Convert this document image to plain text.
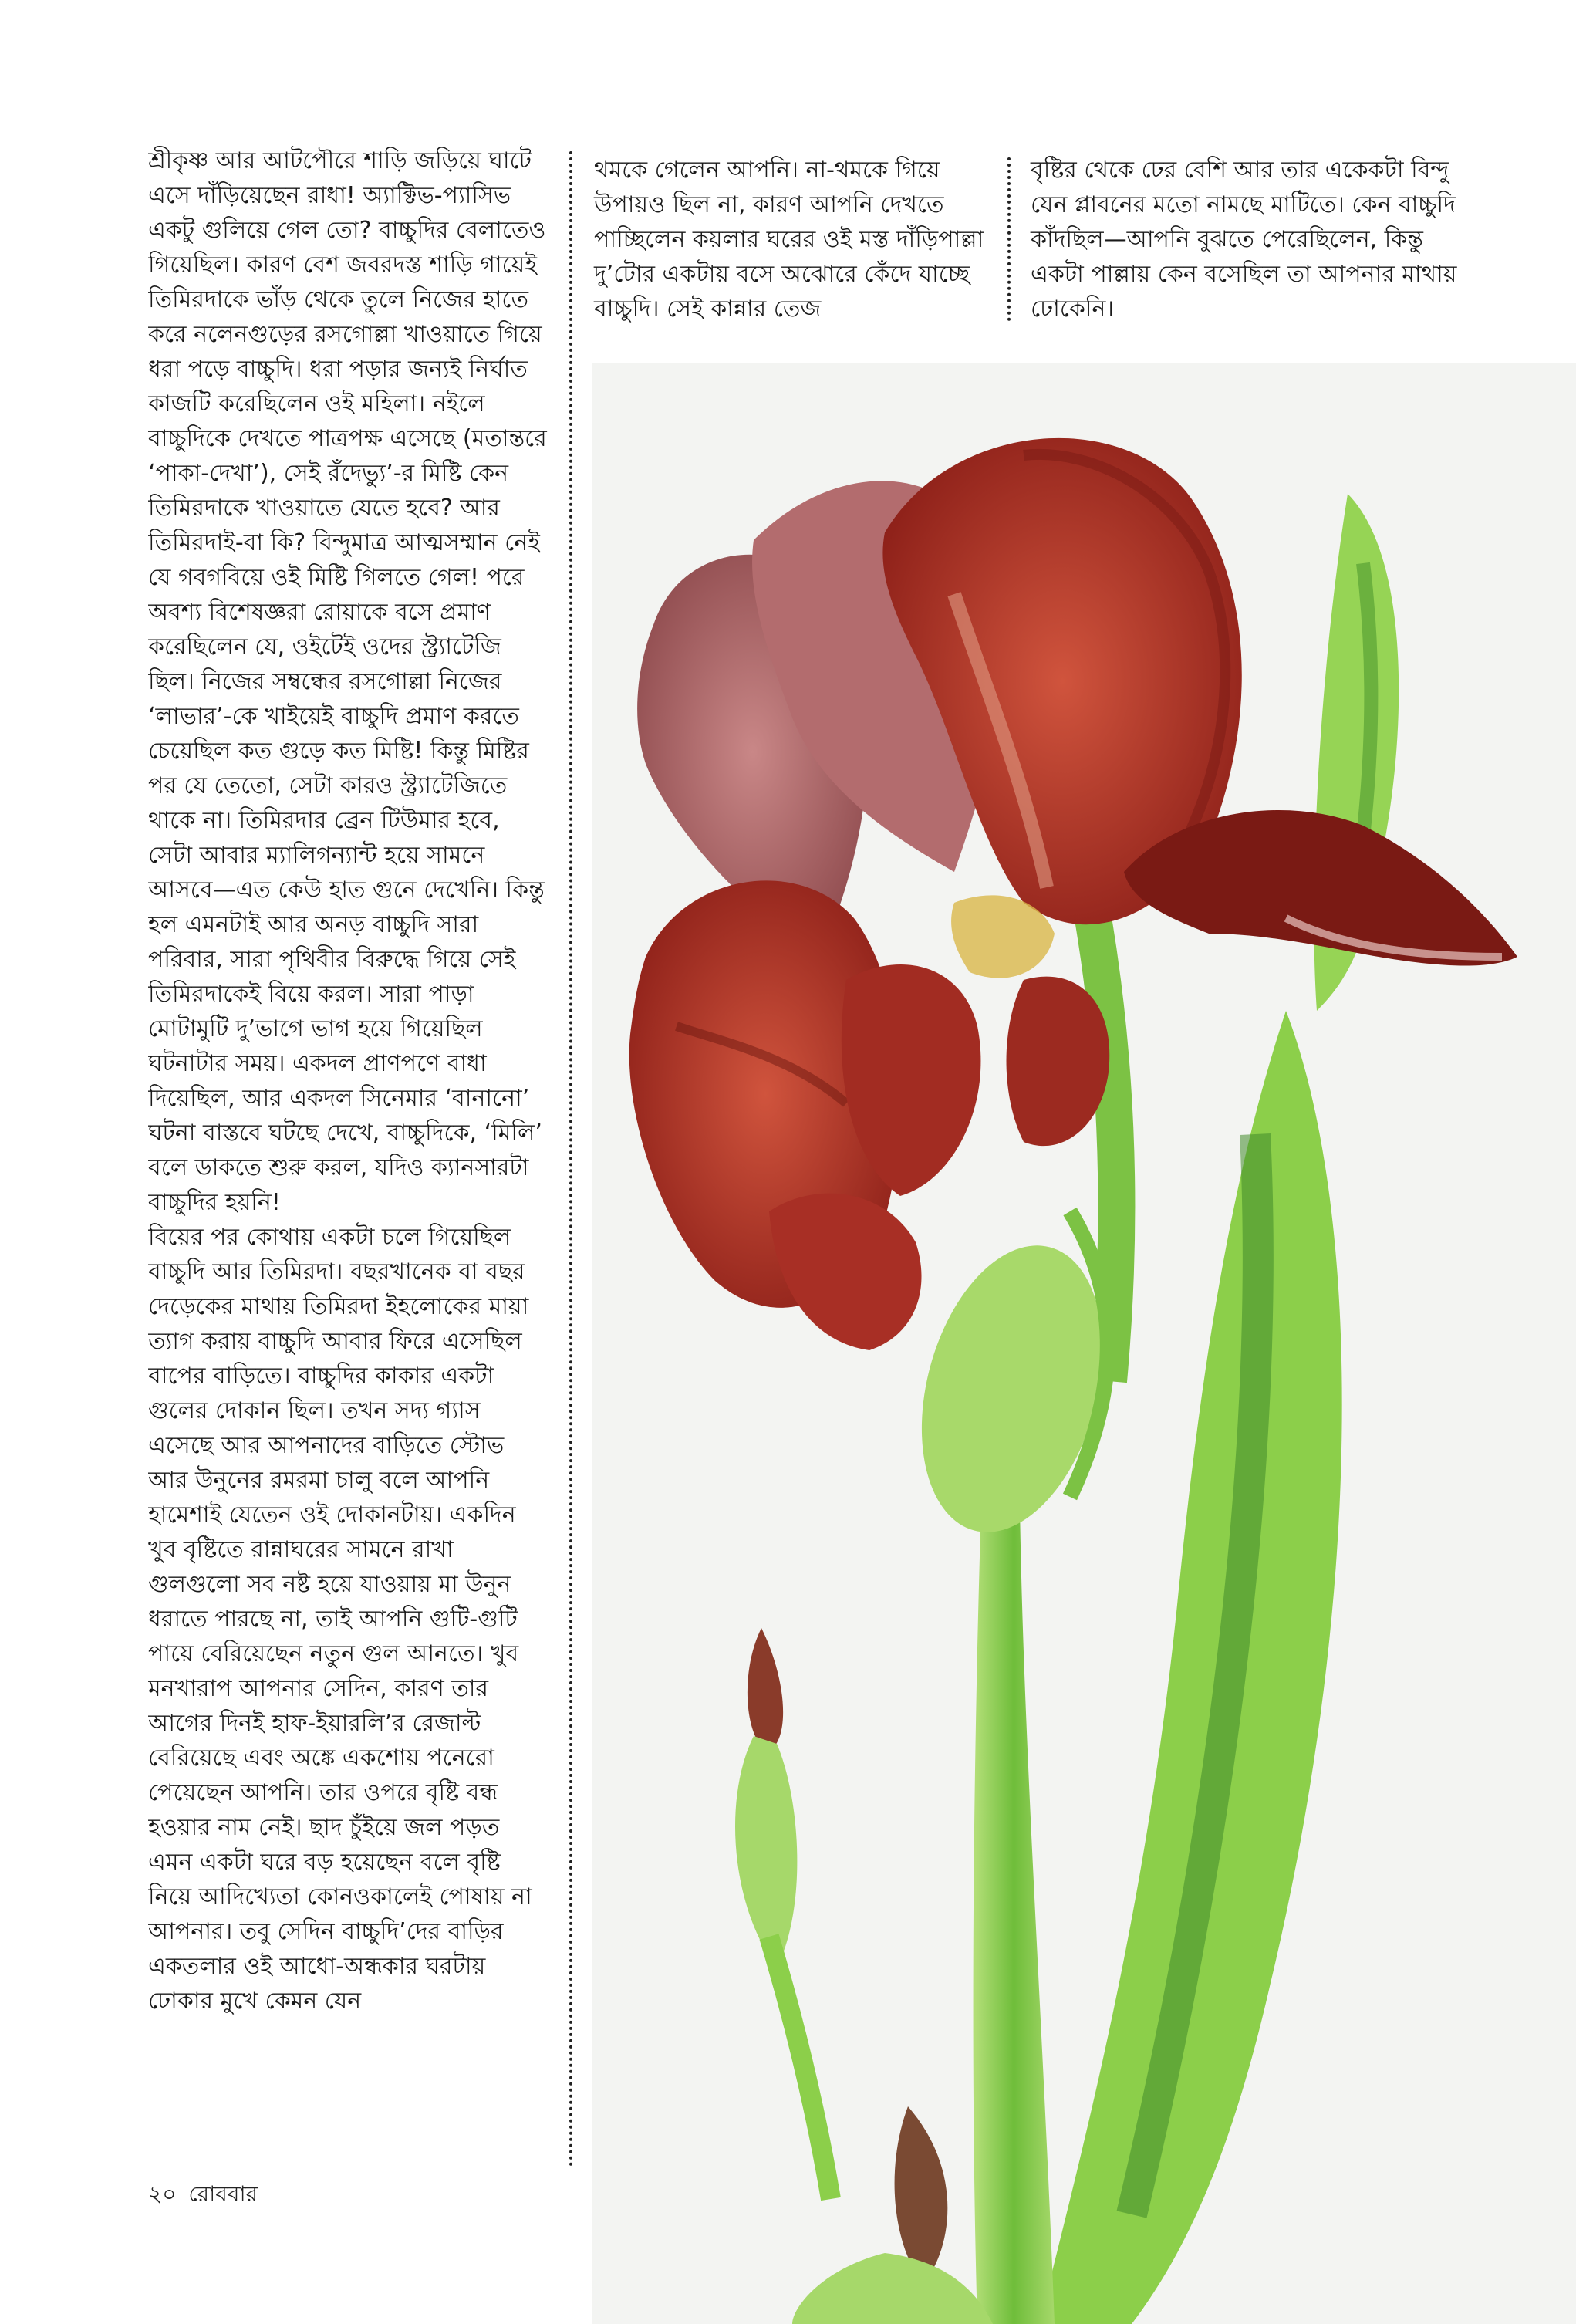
শ্রীকৃষ্ণ আর আটপৌরে শাড়ি জড়িয়ে ঘাটে এসে দাঁড়িয়েছেন রাধা! অ্যাক্টিভ-প্যাসিভ একটু গুলিয়ে গেল তো? বাচ্চুদির বেলাতেও গিয়েছিল। কারণ বেশ জবরদস্ত শাড়ি গায়েই তিমিরদাকে ভাঁড় থেকে তুলে নিজের হাতে করে নলেনগুড়ের রসগোল্লা খাওয়াতে গিয়ে ধরা পড়ে বাচ্চুদি। ধরা পড়ার জন্যই নির্ঘাত কাজটি করেছিলেন ওই মহিলা। নইলে বাচ্চুদিকে দেখতে পাত্রপক্ষ এসেছে (মতান্তরে ‘পাকা-দেখা’), সেই রঁদেভ্যু’-র মিষ্টি কেন তিমিরদাকে খাওয়াতে যেতে হবে? আর তিমিরদাই-বা কি? বিন্দুমাত্র আত্মসম্মান নেই যে গবগবিয়ে ওই মিষ্টি গিলতে গেল! পরে অবশ্য বিশেষজ্ঞরা রোয়াকে বসে প্রমাণ করেছিলেন যে, ওইটেই ওদের স্ট্র্যাটেজি ছিল। নিজের সম্বন্ধের রসগোল্লা নিজের ‘লাভার’-কে খাইয়েই বাচ্চুদি প্রমাণ করতে চেয়েছিল কত গুড়ে কত মিষ্টি! কিন্তু মিষ্টির পর যে তেতো, সেটা কারও স্ট্র্যাটেজিতে থাকে না। তিমিরদার ব্রেন টিউমার হবে, সেটা আবার ম্যালিগন্যান্ট হয়ে সামনে আসবে—এত কেউ হাত গুনে দেখেনি। কিন্তু হল এমনটাই আর অনড় বাচ্চুদি সারা পরিবার, সারা পৃথিবীর বিরুদ্ধে গিয়ে সেই তিমিরদাকেই বিয়ে করল। সারা পাড়া মোটামুটি দু’ভাগে ভাগ হয়ে গিয়েছিল ঘটনাটার সময়। একদল প্রাণপণে বাধা দিয়েছিল, আর একদল সিনেমার ‘বানানো’ ঘটনা বাস্তবে ঘটছে দেখে, বাচ্চুদিকে, ‘মিলি’ বলে ডাকতে শুরু করল, যদিও ক্যানসারটা বাচ্চুদির হয়নি!
বিয়ের পর কোথায় একটা চলে গিয়েছিল বাচ্চুদি আর তিমিরদা। বছরখানেক বা বছর দেড়েকের মাথায় তিমিরদা ইহলোকের মায়া ত্যাগ করায় বাচ্চুদি আবার ফিরে এসেছিল বাপের বাড়িতে। বাচ্চুদির কাকার একটা গুলের দোকান ছিল। তখন সদ্য গ্যাস এসেছে আর আপনাদের বাড়িতে স্টোভ আর উনুনের রমরমা চালু বলে আপনি হামেশাই যেতেন ওই দোকানটায়। একদিন খুব বৃষ্টিতে রান্নাঘরের সামনে রাখা গুলগুলো সব নষ্ট হয়ে যাওয়ায় মা উনুন ধরাতে পারছে না, তাই আপনি গুটি-গুটি পায়ে বেরিয়েছেন নতুন গুল আনতে। খুব মনখারাপ আপনার সেদিন, কারণ তার আগের দিনই হাফ-ইয়ারলি’র রেজাল্ট বেরিয়েছে এবং অঙ্কে একশোয় পনেরো পেয়েছেন আপনি। তার ওপরে বৃষ্টি বন্ধ হওয়ার নাম নেই। ছাদ চুঁইয়ে জল পড়ত এমন একটা ঘরে বড় হয়েছেন বলে বৃষ্টি নিয়ে আদিখ্যেতা কোনওকালেই পোষায় না আপনার। তবু সেদিন বাচ্চুদি’দের বাড়ির একতলার ওই আধো-অন্ধকার ঘরটায় ঢোকার মুখে কেমন যেন

থমকে গেলেন আপনি। না-থমকে গিয়ে উপায়ও ছিল না, কারণ আপনি দেখতে পাচ্ছিলেন কয়লার ঘরের ওই মস্ত দাঁড়িপাল্লা দু’টোর একটায় বসে অঝোরে কেঁদে যাচ্ছে বাচ্চুদি। সেই কান্নার তেজ

বৃষ্টির থেকে ঢের বেশি আর তার একেকটা বিন্দু যেন প্লাবনের মতো নামছে মাটিতে। কেন বাচ্চুদি কাঁদছিল—আপনি বুঝতে পেরেছিলেন, কিন্তু একটা পাল্লায় কেন বসেছিল তা আপনার মাথায় ঢোকেনি।

২০ রোববার
